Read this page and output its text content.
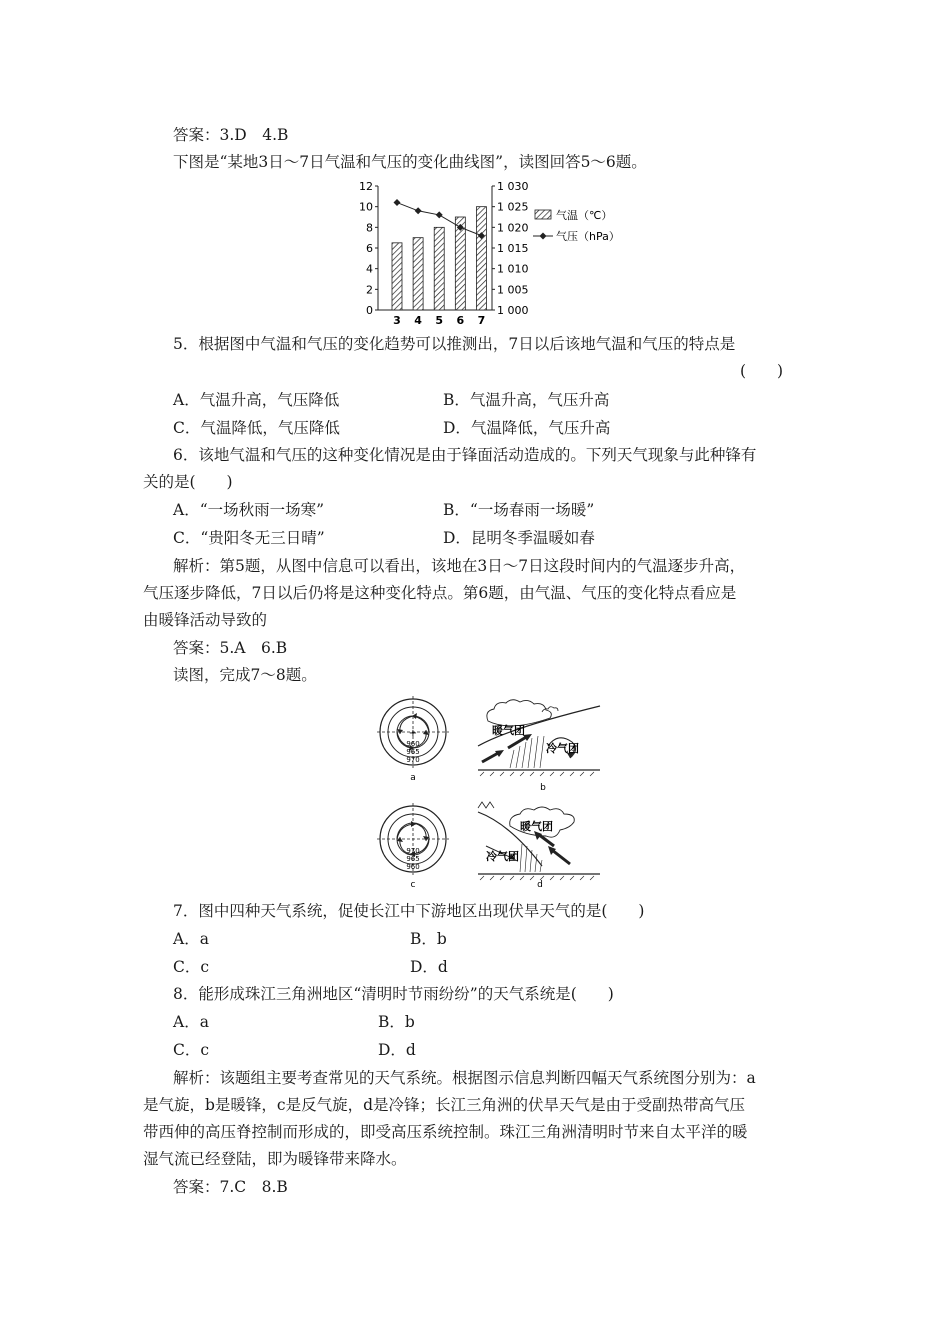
答案：3.D　4.B
下图是“某地3日～7日气温和气压的变化曲线图”，读图回答5～6题。
0
2
4
6
8
10
12
1 000
1 005
1 010
1 015
1 020
1 025
1 030
3 4 5 6 7
气温（℃）
气压（hPa）
5．根据图中气温和气压的变化趋势可以推测出，7日以后该地气温和气压的特点是
(　　)
A．气温升高，气压降低	B．气温升高，气压升高
C．气温降低，气压降低	D．气温降低，气压升高
6．该地气温和气压的这种变化情况是由于锋面活动造成的。下列天气现象与此种锋有
关的是(　　)
A．“一场秋雨一场寒”	B．“一场春雨一场暖”
C．“贵阳冬无三日晴”	D．昆明冬季温暖如春
解析：第5题，从图中信息可以看出，该地在3日～7日这段时间内的气温逐步升高，
气压逐步降低，7日以后仍将是这种变化特点。第6题，由气温、气压的变化特点看应是
由暖锋活动导致的
答案：5.A　6.B
读图，完成7～8题。
+
960
965
970
a
暖气团
冷气团
b
970
965
960
c
暖气团
冷气团
d
7．图中四种天气系统，促使长江中下游地区出现伏旱天气的是(　　)
A．a	B．b
C．c	D．d
8．能形成珠江三角洲地区“清明时节雨纷纷”的天气系统是(　　)
A．a	B．b
C．c	D．d
解析：该题组主要考查常见的天气系统。根据图示信息判断四幅天气系统图分别为：a
是气旋，b是暖锋，c是反气旋，d是冷锋；长江三角洲的伏旱天气是由于受副热带高气压
带西伸的高压脊控制而形成的，即受高压系统控制。珠江三角洲清明时节来自太平洋的暖
湿气流已经登陆，即为暖锋带来降水。
答案：7.C　8.B
